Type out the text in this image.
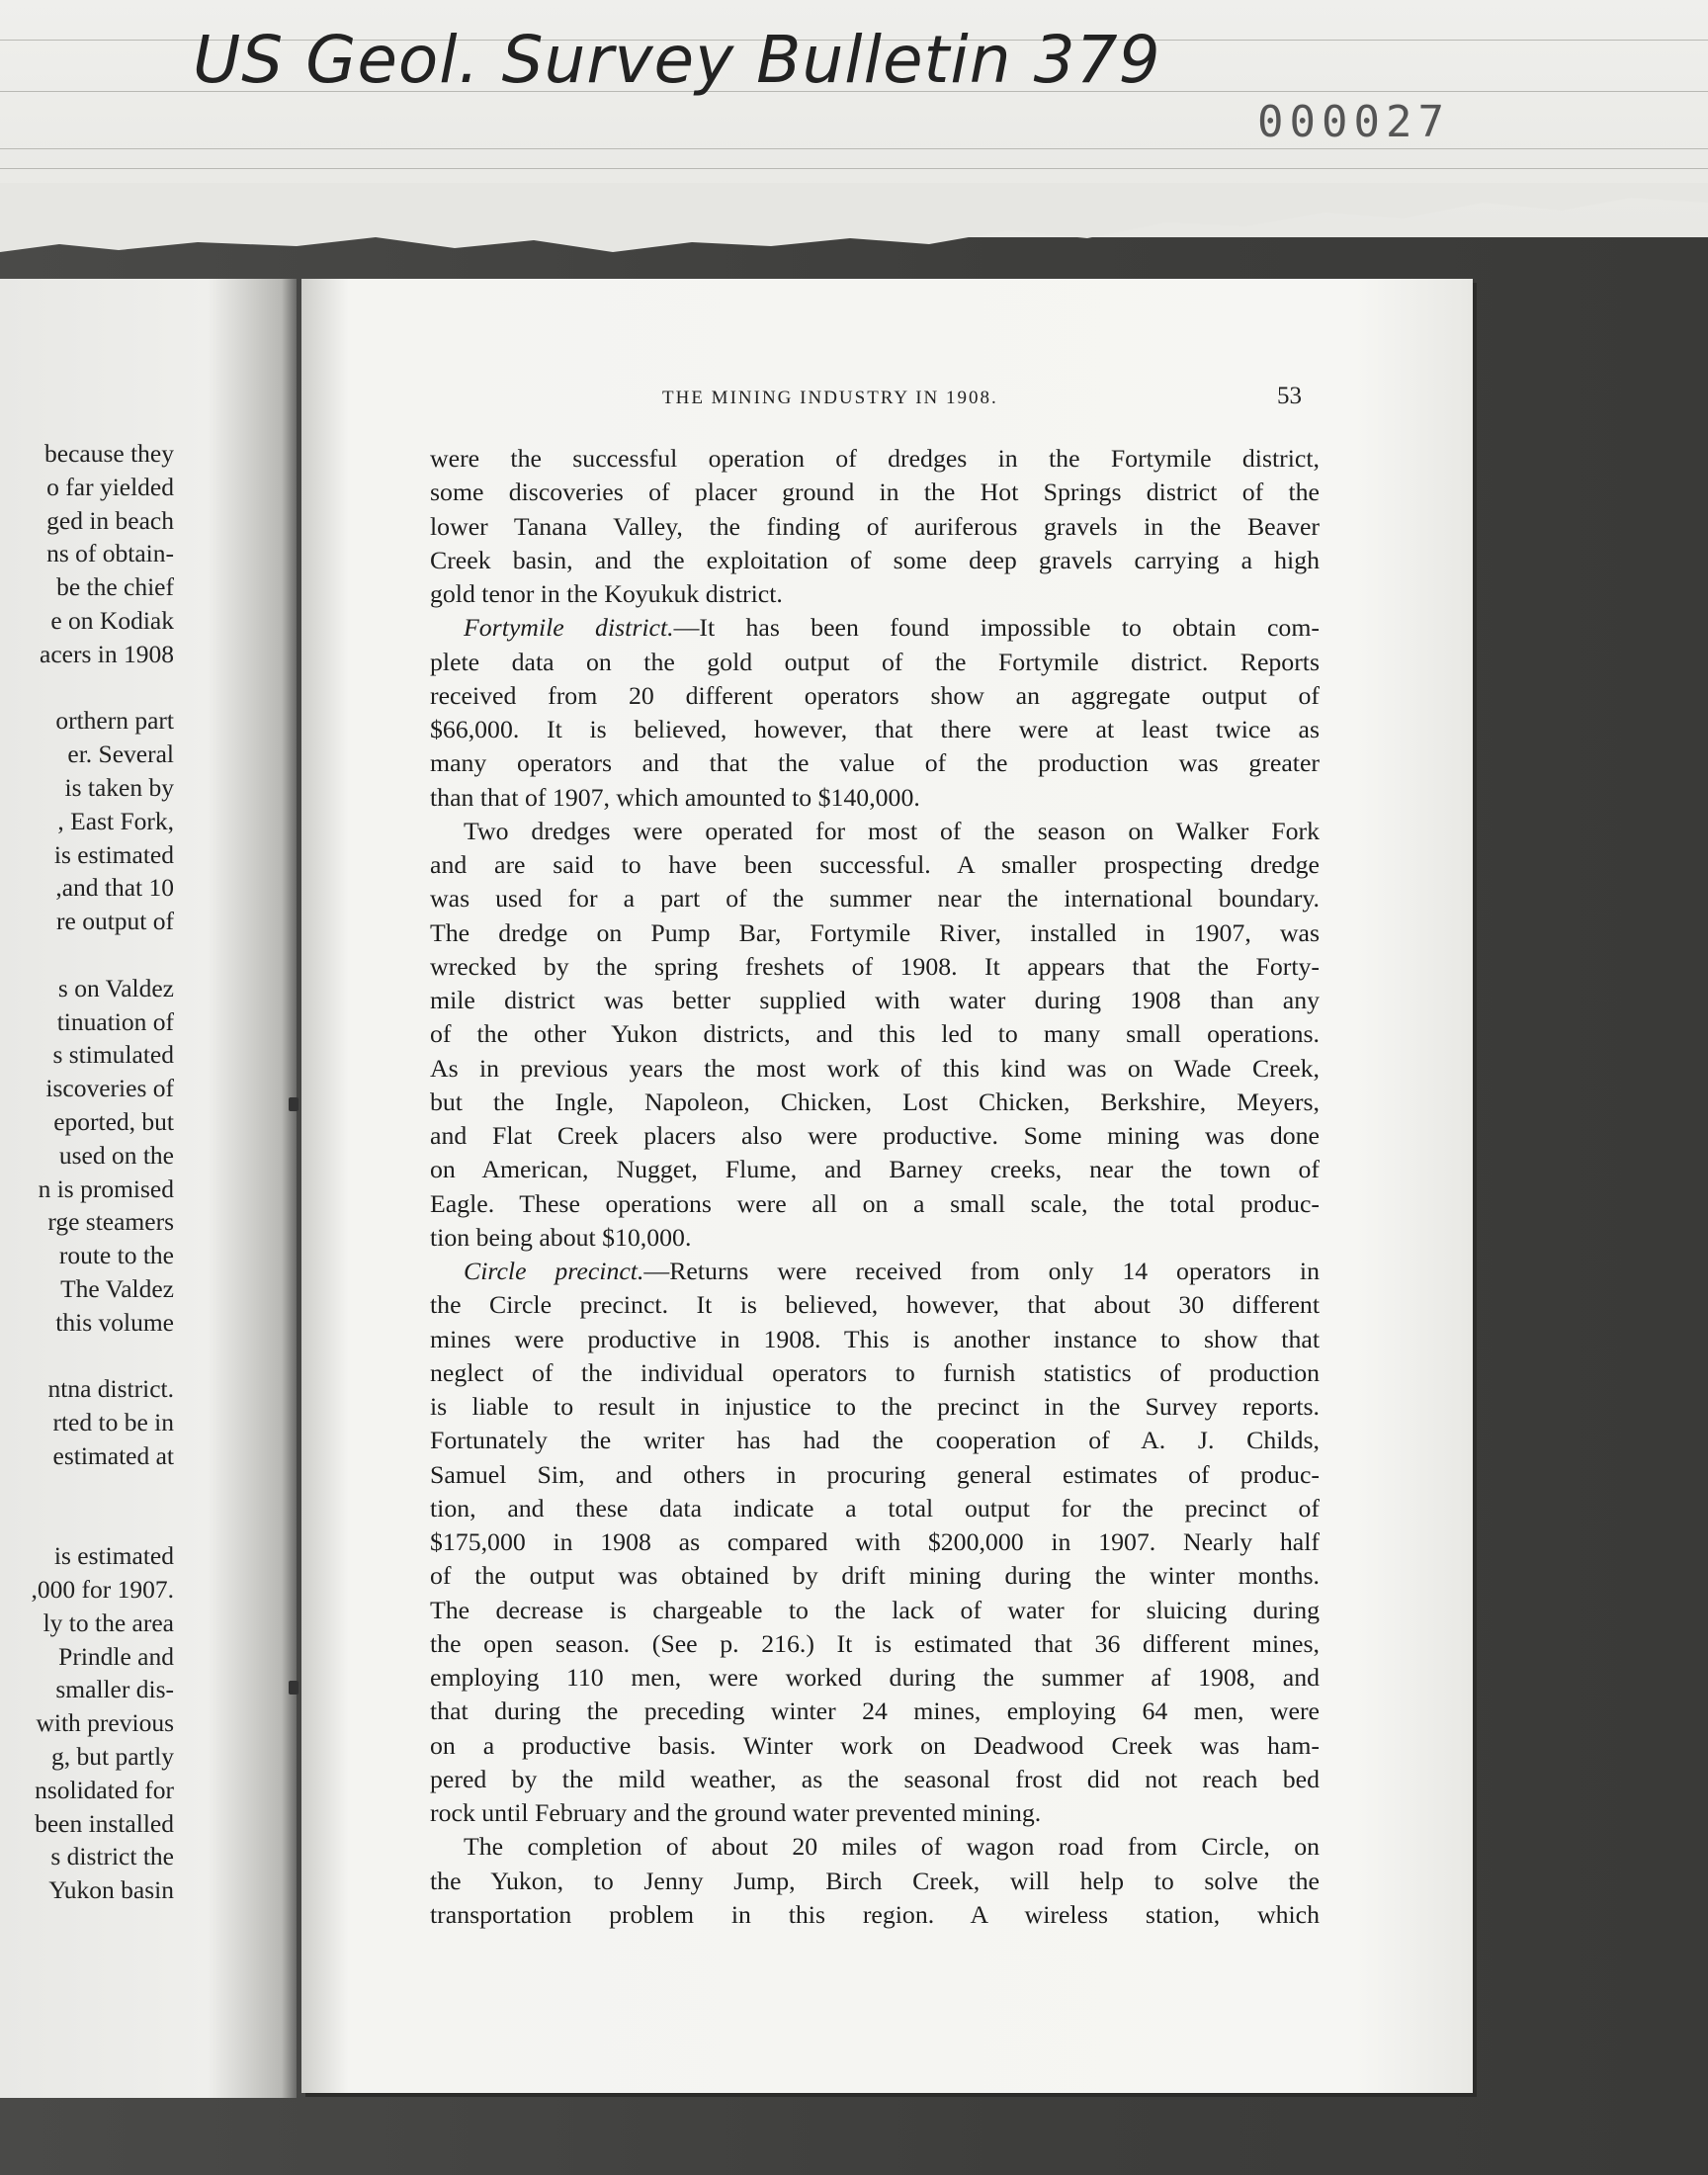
US Geol. Survey Bulletin 379
000027
because they
o far yielded
ged in beach
ns of obtain-
be the chief
e on Kodiak
acers in 1908
orthern part
er. Several
is taken by
, East Fork,
is estimated
,and that 10
re output of
s on Valdez
tinuation of
s stimulated
iscoveries of
eported, but
used on the
n is promised
rge steamers
route to the
The Valdez
this volume
ntna district.
rted to be in
estimated at
is estimated
,000 for 1907.
ly to the area
Prindle and
smaller dis-
with previous
g, but partly
nsolidated for
been installed
s district the
Yukon basin
THE MINING INDUSTRY IN 1908.	53
were the successful operation of dredges in the Fortymile district,
some discoveries of placer ground in the Hot Springs district of the
lower Tanana Valley, the finding of auriferous gravels in the Beaver
Creek basin, and the exploitation of some deep gravels carrying a high
gold tenor in the Koyukuk district.
Fortymile district.—It has been found impossible to obtain com-
plete data on the gold output of the Fortymile district. Reports
received from 20 different operators show an aggregate output of
$66,000. It is believed, however, that there were at least twice as
many operators and that the value of the production was greater
than that of 1907, which amounted to $140,000.
Two dredges were operated for most of the season on Walker Fork
and are said to have been successful. A smaller prospecting dredge
was used for a part of the summer near the international boundary.
The dredge on Pump Bar, Fortymile River, installed in 1907, was
wrecked by the spring freshets of 1908. It appears that the Forty-
mile district was better supplied with water during 1908 than any
of the other Yukon districts, and this led to many small operations.
As in previous years the most work of this kind was on Wade Creek,
but the Ingle, Napoleon, Chicken, Lost Chicken, Berkshire, Meyers,
and Flat Creek placers also were productive. Some mining was done
on American, Nugget, Flume, and Barney creeks, near the town of
Eagle. These operations were all on a small scale, the total produc-
tion being about $10,000.
Circle precinct.—Returns were received from only 14 operators in
the Circle precinct. It is believed, however, that about 30 different
mines were productive in 1908. This is another instance to show that
neglect of the individual operators to furnish statistics of production
is liable to result in injustice to the precinct in the Survey reports.
Fortunately the writer has had the cooperation of A. J. Childs,
Samuel Sim, and others in procuring general estimates of produc-
tion, and these data indicate a total output for the precinct of
$175,000 in 1908 as compared with $200,000 in 1907. Nearly half
of the output was obtained by drift mining during the winter months.
The decrease is chargeable to the lack of water for sluicing during
the open season. (See p. 216.) It is estimated that 36 different mines,
employing 110 men, were worked during the summer af 1908, and
that during the preceding winter 24 mines, employing 64 men, were
on a productive basis. Winter work on Deadwood Creek was ham-
pered by the mild weather, as the seasonal frost did not reach bed
rock until February and the ground water prevented mining.
The completion of about 20 miles of wagon road from Circle, on
the Yukon, to Jenny Jump, Birch Creek, will help to solve the
transportation problem in this region. A wireless station, which
